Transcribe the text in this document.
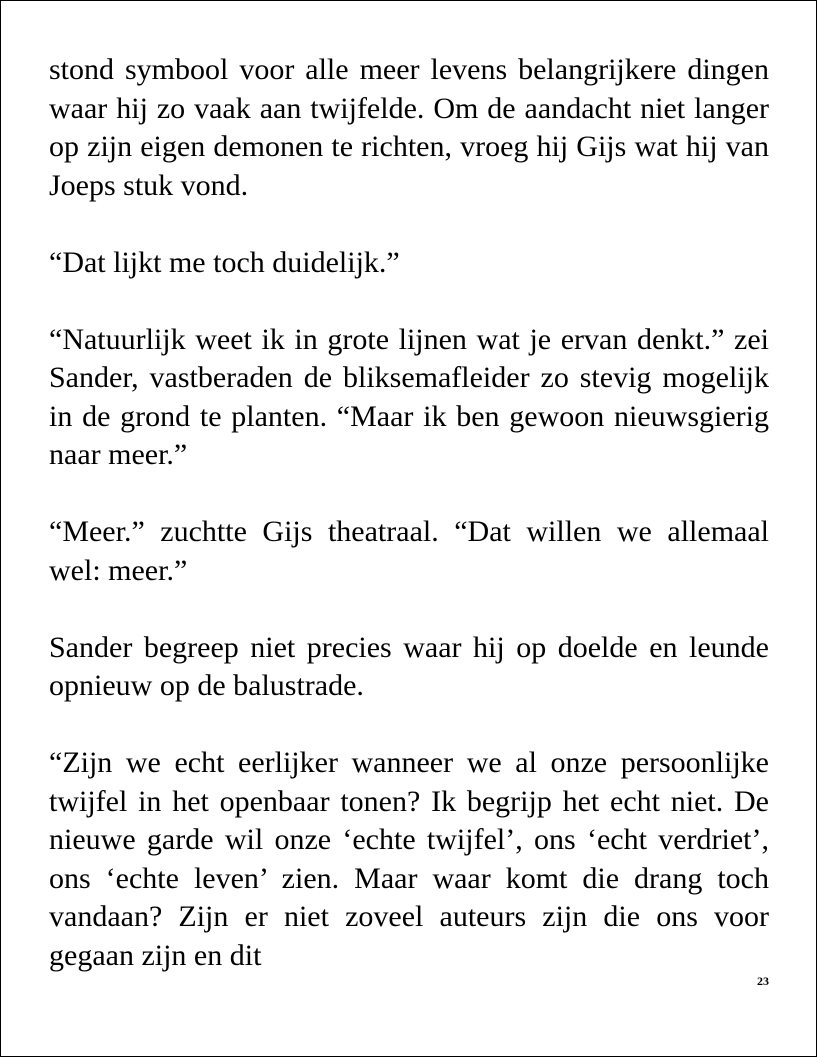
stond symbool voor alle meer levens belangrijkere dingen waar hij zo vaak aan twijfelde. Om de aandacht niet langer op zijn eigen demonen te richten, vroeg hij Gijs wat hij van Joeps stuk vond.

“Dat lijkt me toch duidelijk.”

“Natuurlijk weet ik in grote lijnen wat je ervan denkt.” zei Sander, vastberaden de bliksemafleider zo stevig mogelijk in de grond te planten. “Maar ik ben gewoon nieuwsgierig naar meer.”

“Meer.” zuchtte Gijs theatraal. “Dat willen we allemaal wel: meer.”

Sander begreep niet precies waar hij op doelde en leunde opnieuw op de balustrade.

“Zijn we echt eerlijker wanneer we al onze persoonlijke twijfel in het openbaar tonen? Ik begrijp het echt niet. De nieuwe garde wil onze ‘echte twijfel’, ons ‘echt verdriet’, ons ‘echte leven’ zien. Maar waar komt die drang toch vandaan? Zijn er niet zoveel auteurs zijn die ons voor gegaan zijn en dit

23
